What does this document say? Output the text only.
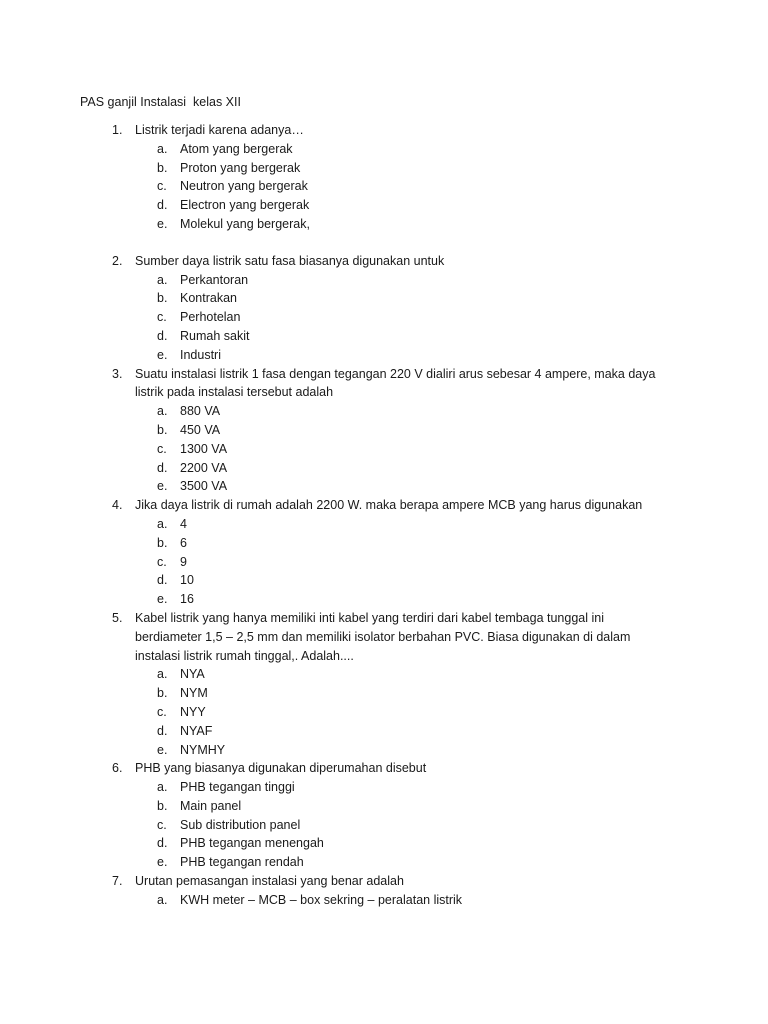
PAS ganjil Instalasi  kelas XII
1. Listrik terjadi karena adanya…
a. Atom yang bergerak
b. Proton yang bergerak
c. Neutron yang bergerak
d. Electron yang bergerak
e. Molekul yang bergerak,
2. Sumber daya listrik satu fasa biasanya digunakan untuk
a. Perkantoran
b. Kontrakan
c. Perhotelan
d. Rumah sakit
e. Industri
3. Suatu instalasi listrik 1 fasa dengan tegangan 220 V dialiri arus sebesar 4 ampere, maka daya listrik pada instalasi tersebut adalah
a. 880 VA
b. 450 VA
c. 1300 VA
d. 2200 VA
e. 3500 VA
4. Jika daya listrik di rumah adalah 2200 W. maka berapa ampere MCB yang harus digunakan
a. 4
b. 6
c. 9
d. 10
e. 16
5. Kabel listrik yang hanya memiliki inti kabel yang terdiri dari kabel tembaga tunggal ini berdiameter 1,5 – 2,5 mm dan memiliki isolator berbahan PVC. Biasa digunakan di dalam instalasi listrik rumah tinggal,. Adalah....
a. NYA
b. NYM
c. NYY
d. NYAF
e. NYMHY
6. PHB yang biasanya digunakan diperumahan disebut
a. PHB tegangan tinggi
b. Main panel
c. Sub distribution panel
d. PHB tegangan menengah
e. PHB tegangan rendah
7. Urutan pemasangan instalasi yang benar adalah
a. KWH meter – MCB – box sekring – peralatan listrik
